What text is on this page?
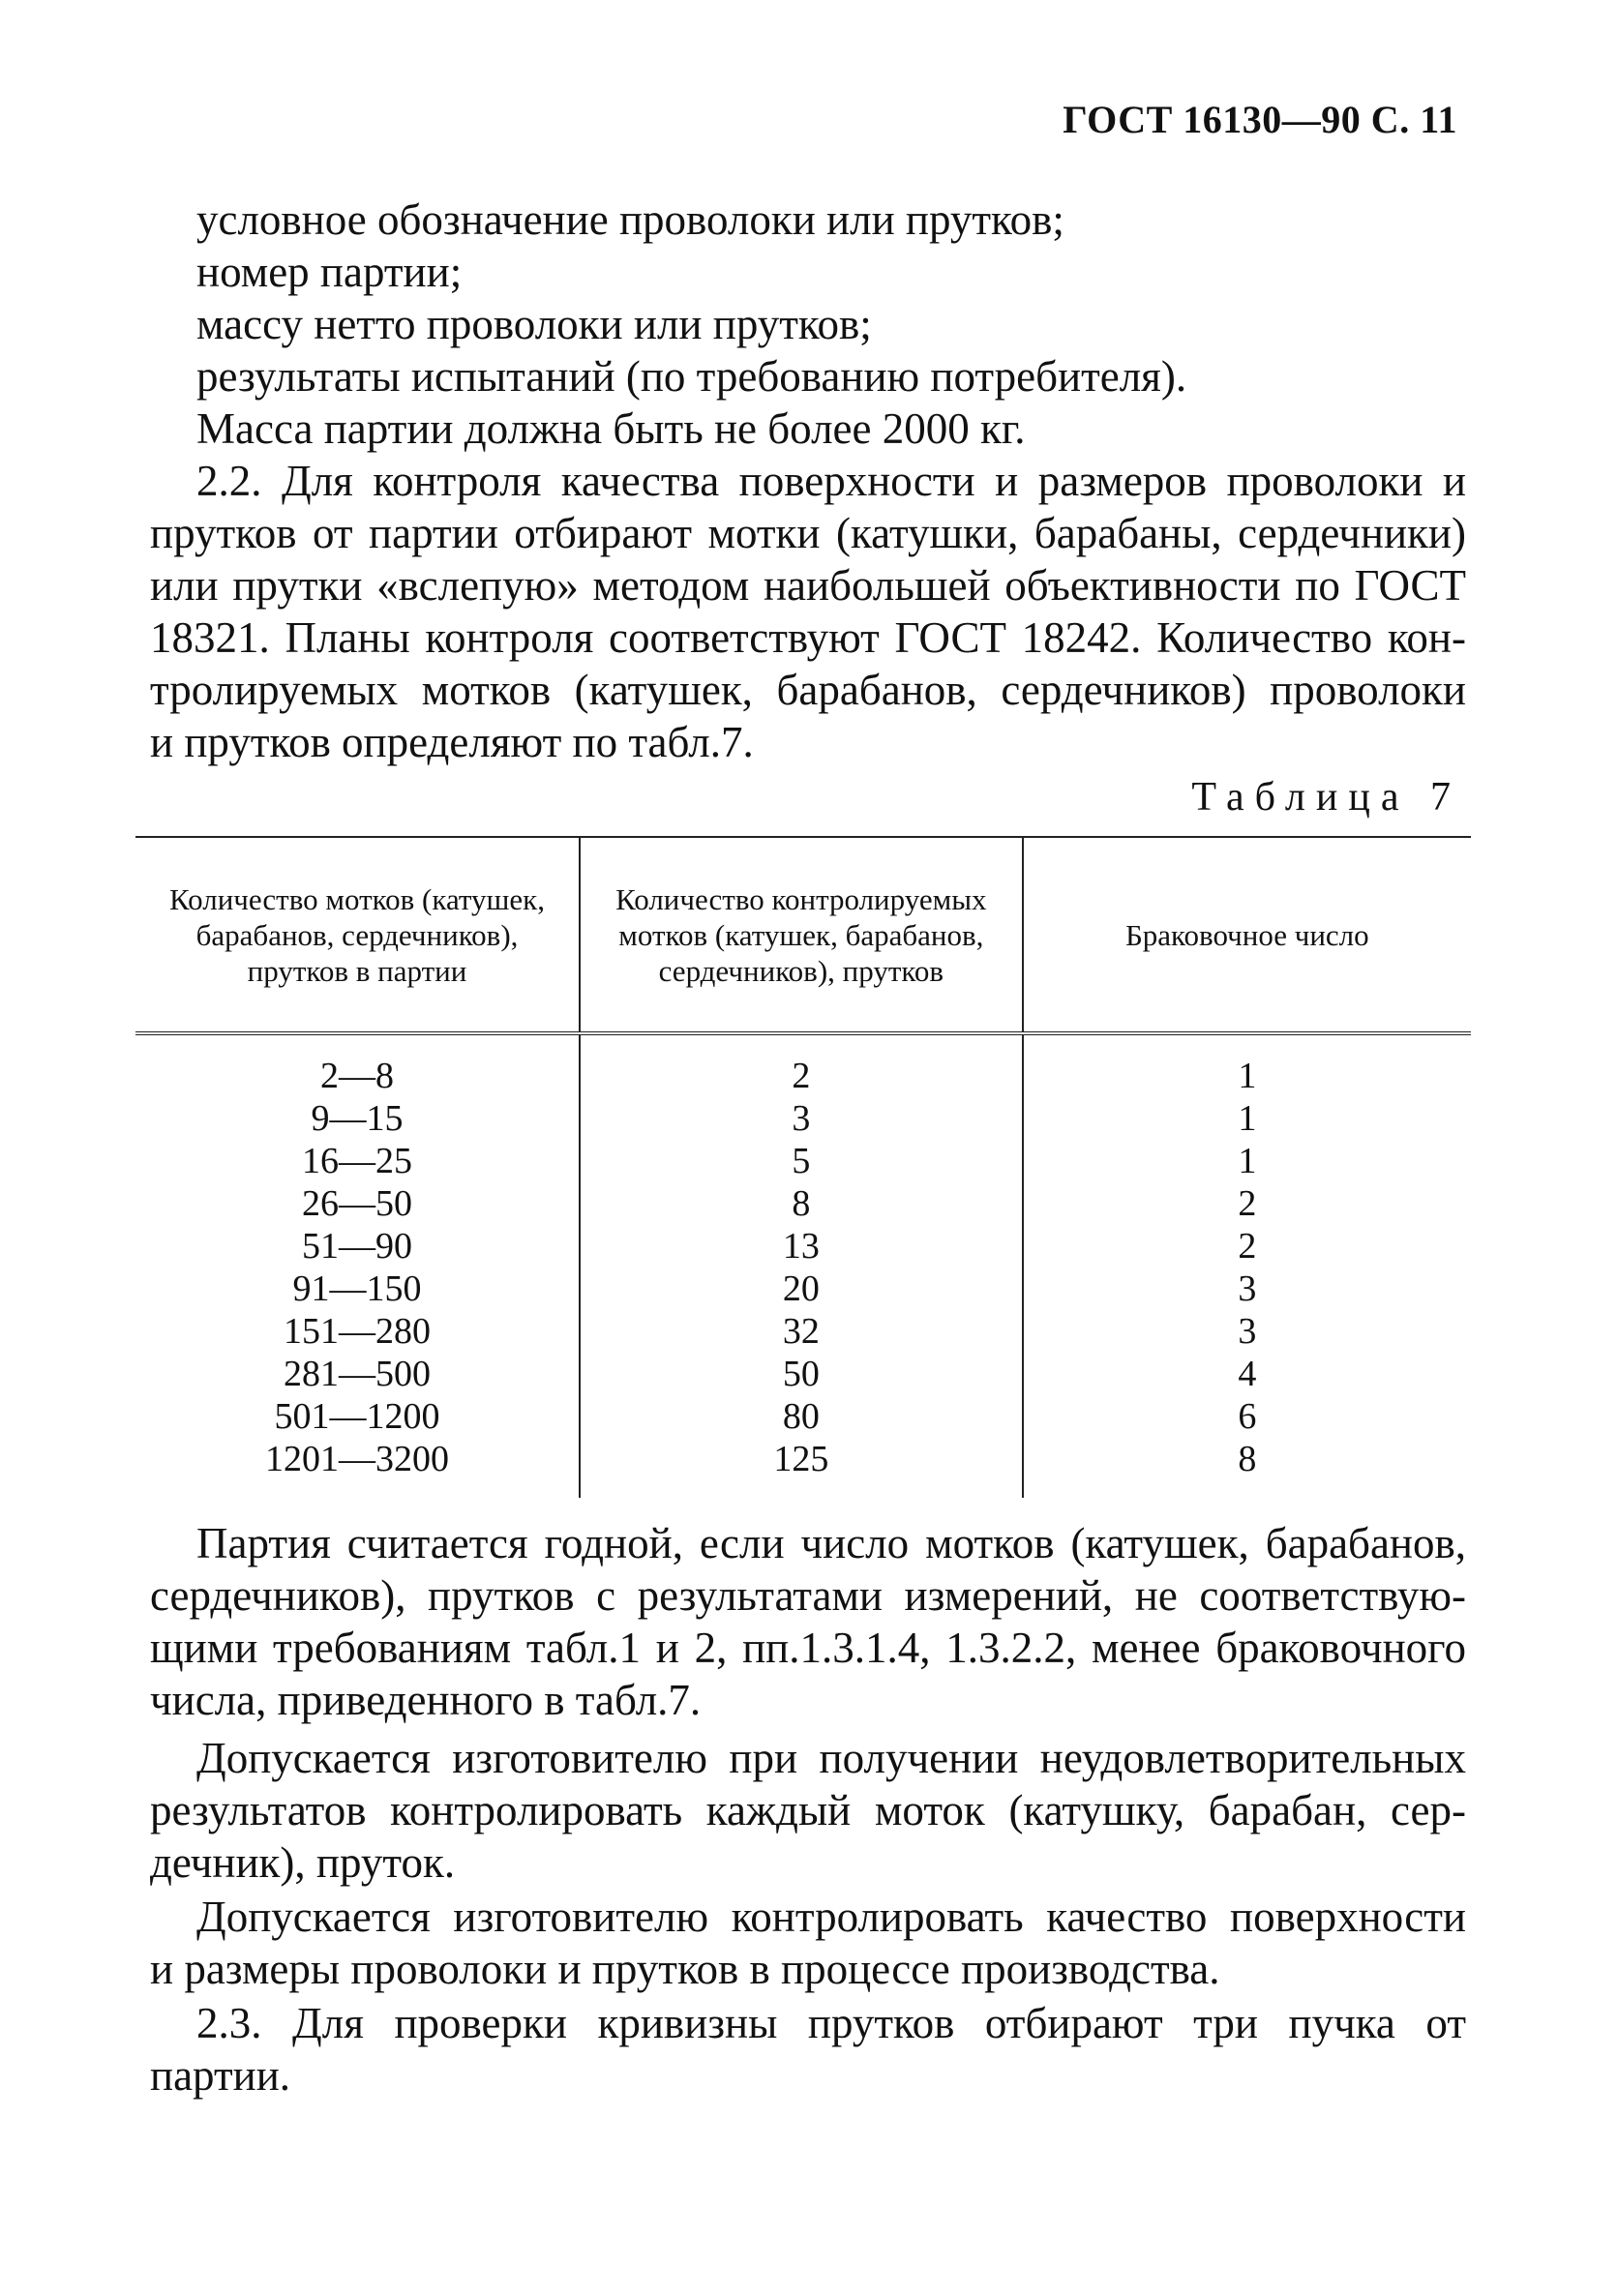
ГОСТ 16130—90 С. 11
условное обозначение проволоки или прутков;
номер партии;
массу нетто проволоки или прутков;
результаты испытаний (по требованию потребителя).
Масса партии должна быть не более 2000 кг.
2.2. Для контроля качества поверхности и размеров проволоки и
прутков от партии отбирают мотки (катушки, барабаны, сердечники)
или прутки «вслепую» методом наибольшей объективности по ГОСТ
18321. Планы контроля соответствуют ГОСТ 18242. Количество кон-
тролируемых мотков (катушек, барабанов, сердечников) проволоки
и прутков определяют по табл.7.
Таблица 7
Количество мотков (катушек, барабанов, сердечников), прутков в партии	Количество контролируемых мотков (катушек, барабанов, сердечников), прутков	Браковочное число
2—8	2	1
9—15	3	1
16—25	5	1
26—50	8	2
51—90	13	2
91—150	20	3
151—280	32	3
281—500	50	4
501—1200	80	6
1201—3200	125	8
Партия считается годной, если число мотков (катушек, барабанов,
сердечников), прутков с результатами измерений, не соответствую-
щими требованиям табл.1 и 2, пп.1.3.1.4, 1.3.2.2, менее браковочного
числа, приведенного в табл.7.
Допускается изготовителю при получении неудовлетворительных
результатов контролировать каждый моток (катушку, барабан, сер-
дечник), пруток.
Допускается изготовителю контролировать качество поверхности
и размеры проволоки и прутков в процессе производства.
2.3. Для проверки кривизны прутков отбирают три пучка от
партии.
